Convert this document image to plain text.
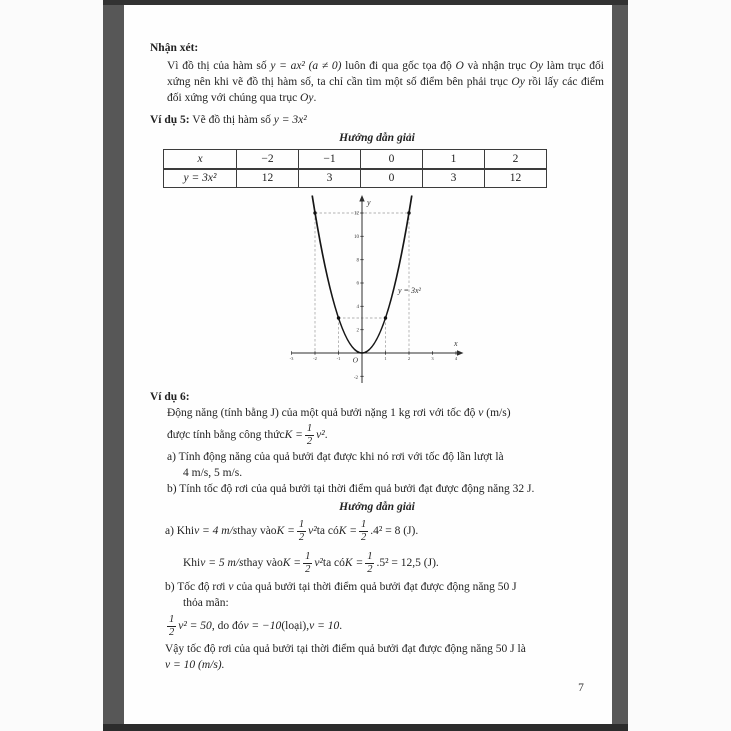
Nhận xét:
Vì đồ thị của hàm số y = ax² (a ≠ 0) luôn đi qua gốc tọa độ O và nhận trục Oy làm trục đối xứng nên khi vẽ đồ thị hàm số, ta chỉ cần tìm một số điểm bên phải trục Oy rồi lấy các điểm đối xứng với chúng qua trục Oy.
Ví dụ 5: Vẽ đồ thị hàm số y = 3x²
Hướng dẫn giải
x	−2	−1	0	1	2
y = 3x²	12	3	0	3	12
y
x
O
y = 3x²
2
4
6
8
10
12
-3	-2	-1	1	2	3	4
-2
Ví dụ 6:
Động năng (tính bằng J) của một quả bưởi nặng 1 kg rơi với tốc độ v (m/s)
được tính bằng công thức $K = \frac{1}{2} v^2$ .
a) Tính động năng của quả bưởi đạt được khi nó rơi với tốc độ lần lượt là
4 m/s, 5 m/s.
b) Tính tốc độ rơi của quả bưởi tại thời điểm quả bưởi đạt được động năng 32 J.
Hướng dẫn giải
a) Khi v = 4 m/s thay vào $K = \frac{1}{2} v^2$ ta có $K = \frac{1}{2} .4^2 = 8$ (J).
Khi v = 5 m/s thay vào $K = \frac{1}{2} v^2$ ta có $K = \frac{1}{2} .5^2 = 12,5$ (J).
b) Tốc độ rơi v của quả bưởi tại thời điểm quả bưởi đạt được động năng 50 J
thỏa mãn:
$\frac{1}{2} v^2 = 50$ , do đó v = −10 (loại), v = 10 .
Vậy tốc độ rơi của quả bưởi tại thời điểm quả bưởi đạt được động năng 50 J là
v = 10 (m/s).
7
